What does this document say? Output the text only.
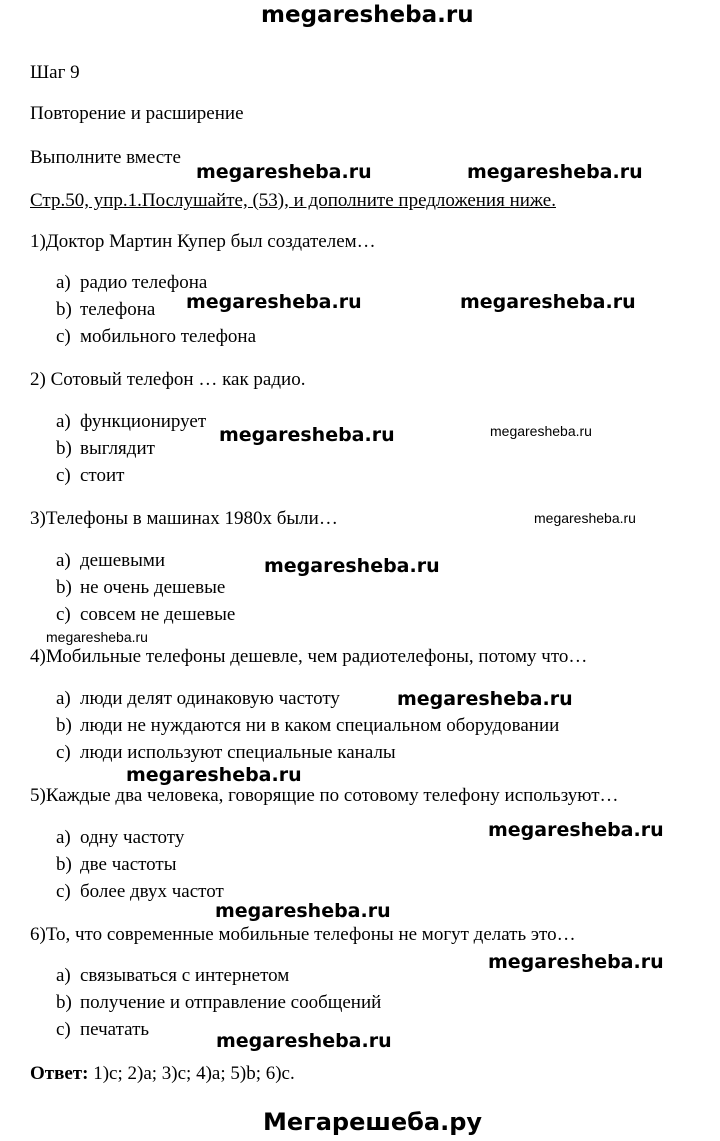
megaresheba.ru
Шаг 9
Повторение и расширение
Выполните вместе
Стр.50, упр.1.Послушайте, (53), и дополните предложения ниже.
1)Доктор Мартин Купер был создателем…
a) радио телефона
b) телефона
c) мобильного телефона
2) Сотовый телефон … как радио.
a) функционирует
b) выглядит
c) стоит
3)Телефоны в машинах 1980х были…
a) дешевыми
b) не очень дешевые
c) совсем не дешевые
4)Мобильные телефоны дешевле, чем радиотелефоны, потому что…
a) люди делят одинаковую частоту
b) люди не нуждаются ни в каком специальном оборудовании
c) люди используют специальные каналы
5)Каждые два человека, говорящие по сотовому телефону используют…
a) одну частоту
b) две частоты
c) более двух частот
6)То, что современные мобильные телефоны не могут делать это…
a) связываться с интернетом
b) получение и отправление сообщений
c) печатать
Ответ: 1)c; 2)a; 3)c; 4)a; 5)b; 6)c.
megaresheba.ru	megaresheba.ru
megaresheba.ru	megaresheba.ru
megaresheba.ru
megaresheba.ru
megaresheba.ru
megaresheba.ru
megaresheba.ru
megaresheba.ru
megaresheba.ru
megaresheba.ru
megaresheba.ru
megaresheba.ru
megaresheba.ru
Мегарешеба.ру
